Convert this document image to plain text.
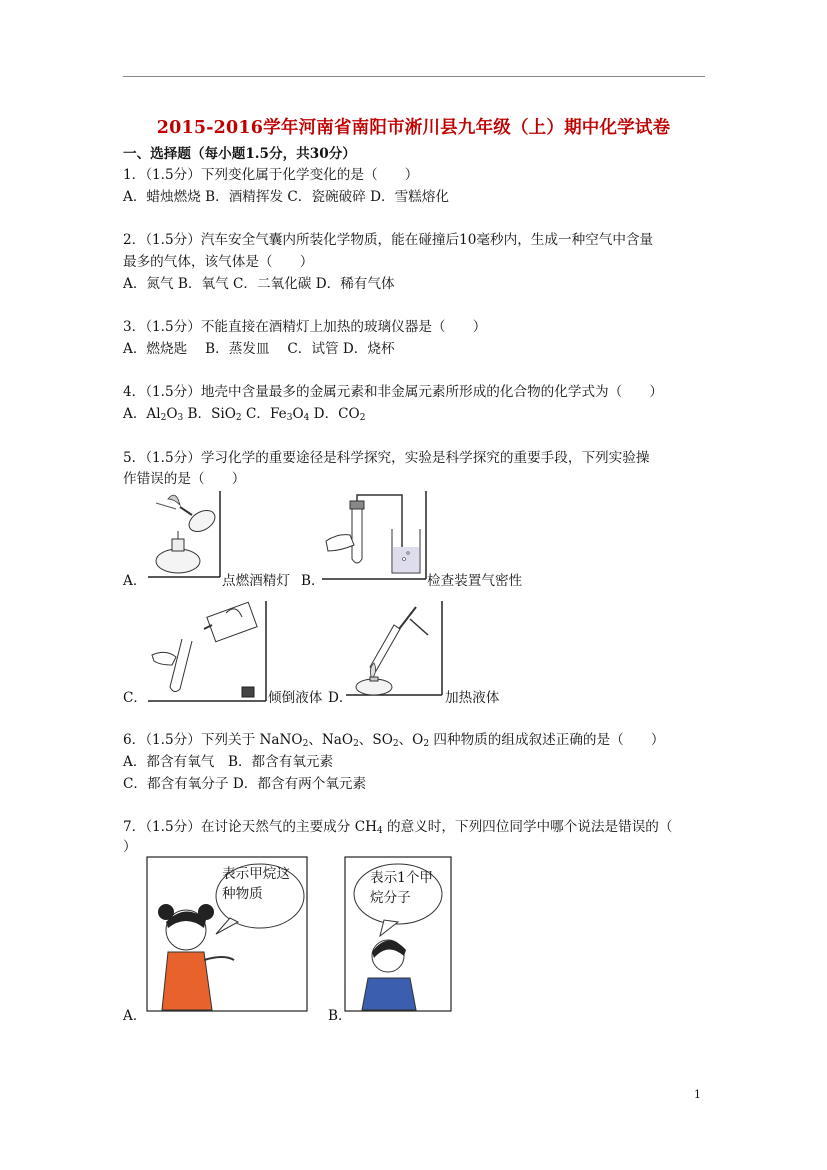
2015-2016学年河南省南阳市淅川县九年级（上）期中化学试卷
一、选择题（每小题1.5分，共30分）
1．（1.5分）下列变化属于化学变化的是（　　）
A．蜡烛燃烧 B．酒精挥发 C．瓷碗破碎 D．雪糕熔化
2．（1.5分）汽车安全气囊内所装化学物质，能在碰撞后10毫秒内，生成一种空气中含量
最多的气体，该气体是（　　）
A．氮气 B．氧气 C．二氧化碳 D．稀有气体
3．（1.5分）不能直接在酒精灯上加热的玻璃仪器是（　　）
A．燃烧匙　 B．蒸发皿　 C．试管 D．烧杯
4．（1.5分）地壳中含量最多的金属元素和非金属元素所形成的化合物的化学式为（　　）
A．$Al_2O_3$ B．SiO$_2$ C．$Fe_3O_4$ D．$CO_2$
5．（1.5分）学习化学的重要途径是科学探究，实验是科学探究的重要手段，下列实验操
作错误的是（　　）
A．	点燃酒精灯 B．	检查装置气密性
C．	倾倒液体 D．	加热液体
6．（1.5分）下列关于 NaNO$_2$、NaO$_2$、$SO_2$、$O_2$ 四种物质的组成叙述正确的是（　　）
A．都含有氧气　B．都含有氧元素
C．都含有氧分子 D．都含有两个氧元素
7．（1.5分）在讨论天然气的主要成分 $CH_4$ 的意义时，下列四位同学中哪个说法是错误的（
）
表示甲烷这
种物质
表示1个甲
烷分子
A．	B．
1
